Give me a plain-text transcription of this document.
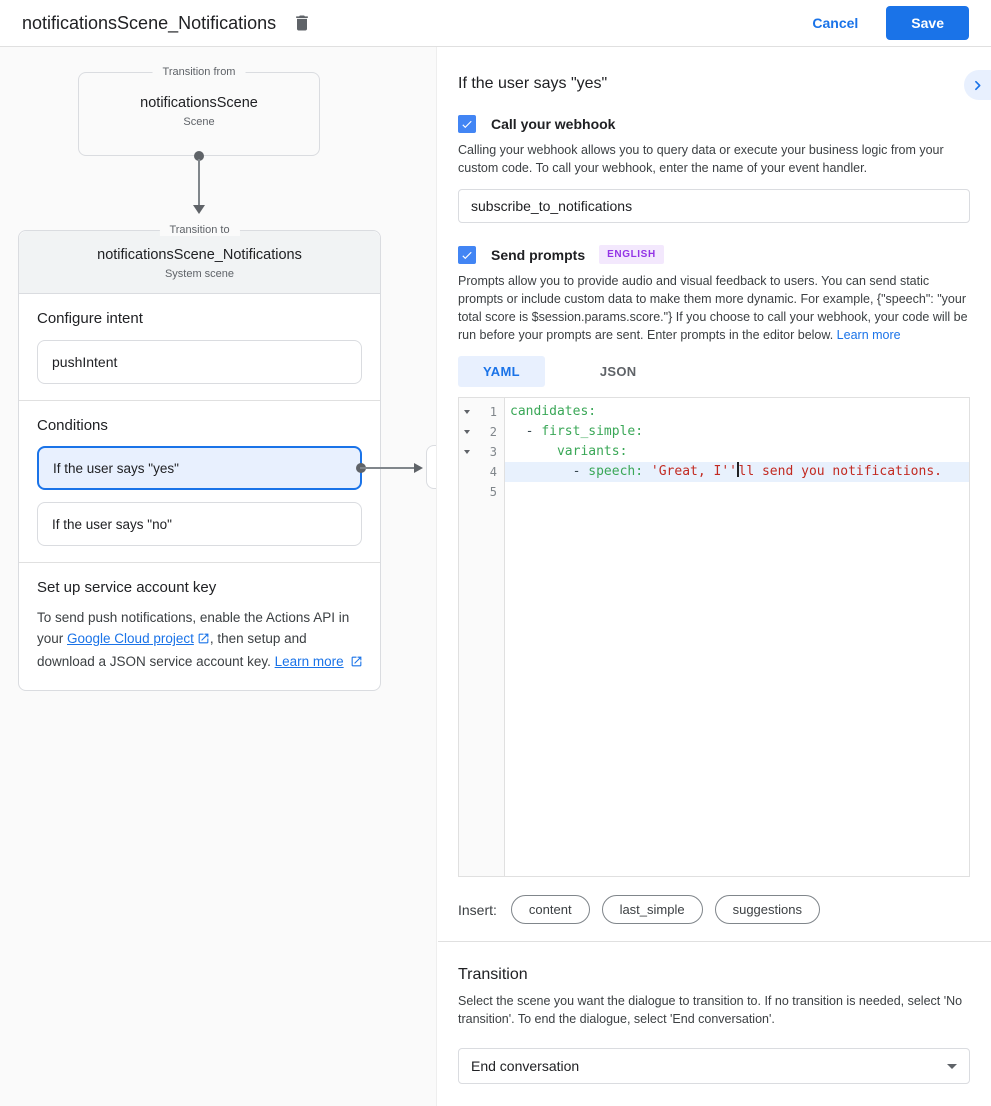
notificationsScene_Notifications	Cancel	Save
Transition from
notificationsScene
Scene
Transition to
notificationsScene_Notifications
System scene
Configure intent
pushIntent
Conditions
If the user says "yes"
If the user says "no"
Set up service account key
To send push notifications, enable the Actions API in your Google Cloud project , then setup and download a JSON service account key. Learn more
If the user says "yes"
Call your webhook
Calling your webhook allows you to query data or execute your business logic from your custom code. To call your webhook, enter the name of your event handler.
subscribe_to_notifications
Send prompts	ENGLISH
Prompts allow you to provide audio and visual feedback to users. You can send static prompts or include custom data to make them more dynamic. For example, {"speech": "your total score is $session.params.score."} If you choose to call your webhook, your code will be run before your prompts are sent. Enter prompts in the editor below. Learn more
YAML	JSON
1
2
3
4
5
candidates:
- first_simple:
variants:
- speech: 'Great, I'' ll send you notifications.
Insert:	content	last_simple	suggestions
Transition
Select the scene you want the dialogue to transition to. If no transition is needed, select 'No transition'. To end the dialogue, select 'End conversation'.
End conversation
